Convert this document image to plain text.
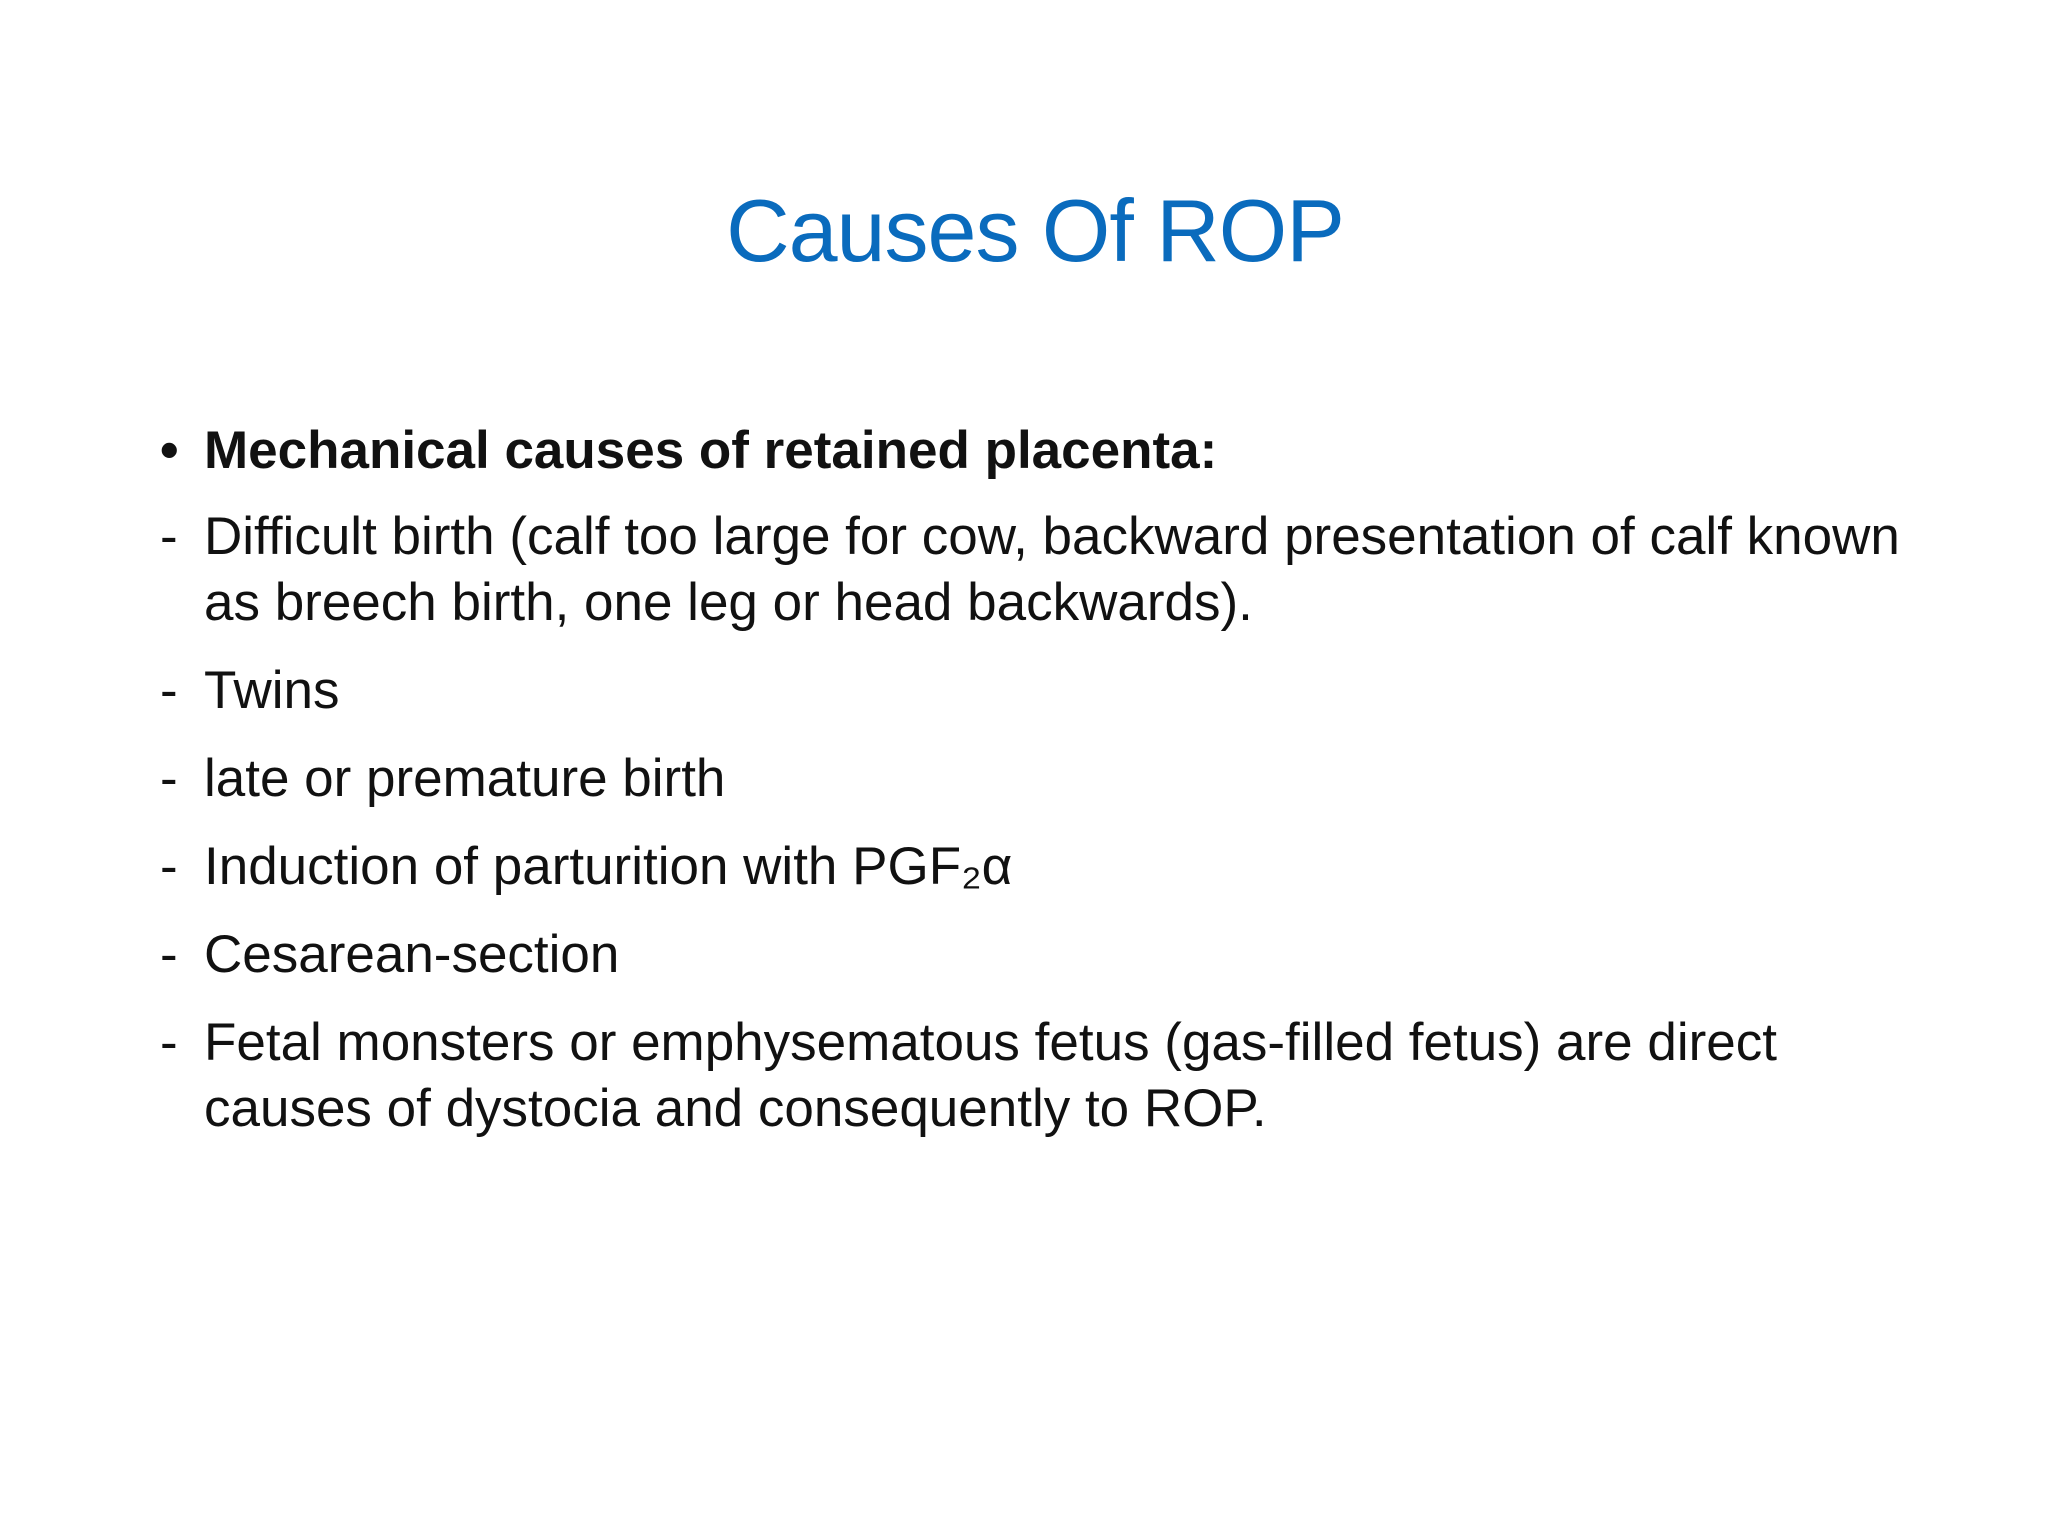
Causes Of ROP
• Mechanical causes of retained placenta:
- Difficult birth (calf too large for cow, backward presentation of calf known as breech birth, one leg or head backwards).
- Twins
- late or premature birth
- Induction of parturition with PGF₂α
- Cesarean-section
- Fetal monsters or emphysematous fetus (gas-filled fetus) are direct causes of dystocia and consequently to ROP.
